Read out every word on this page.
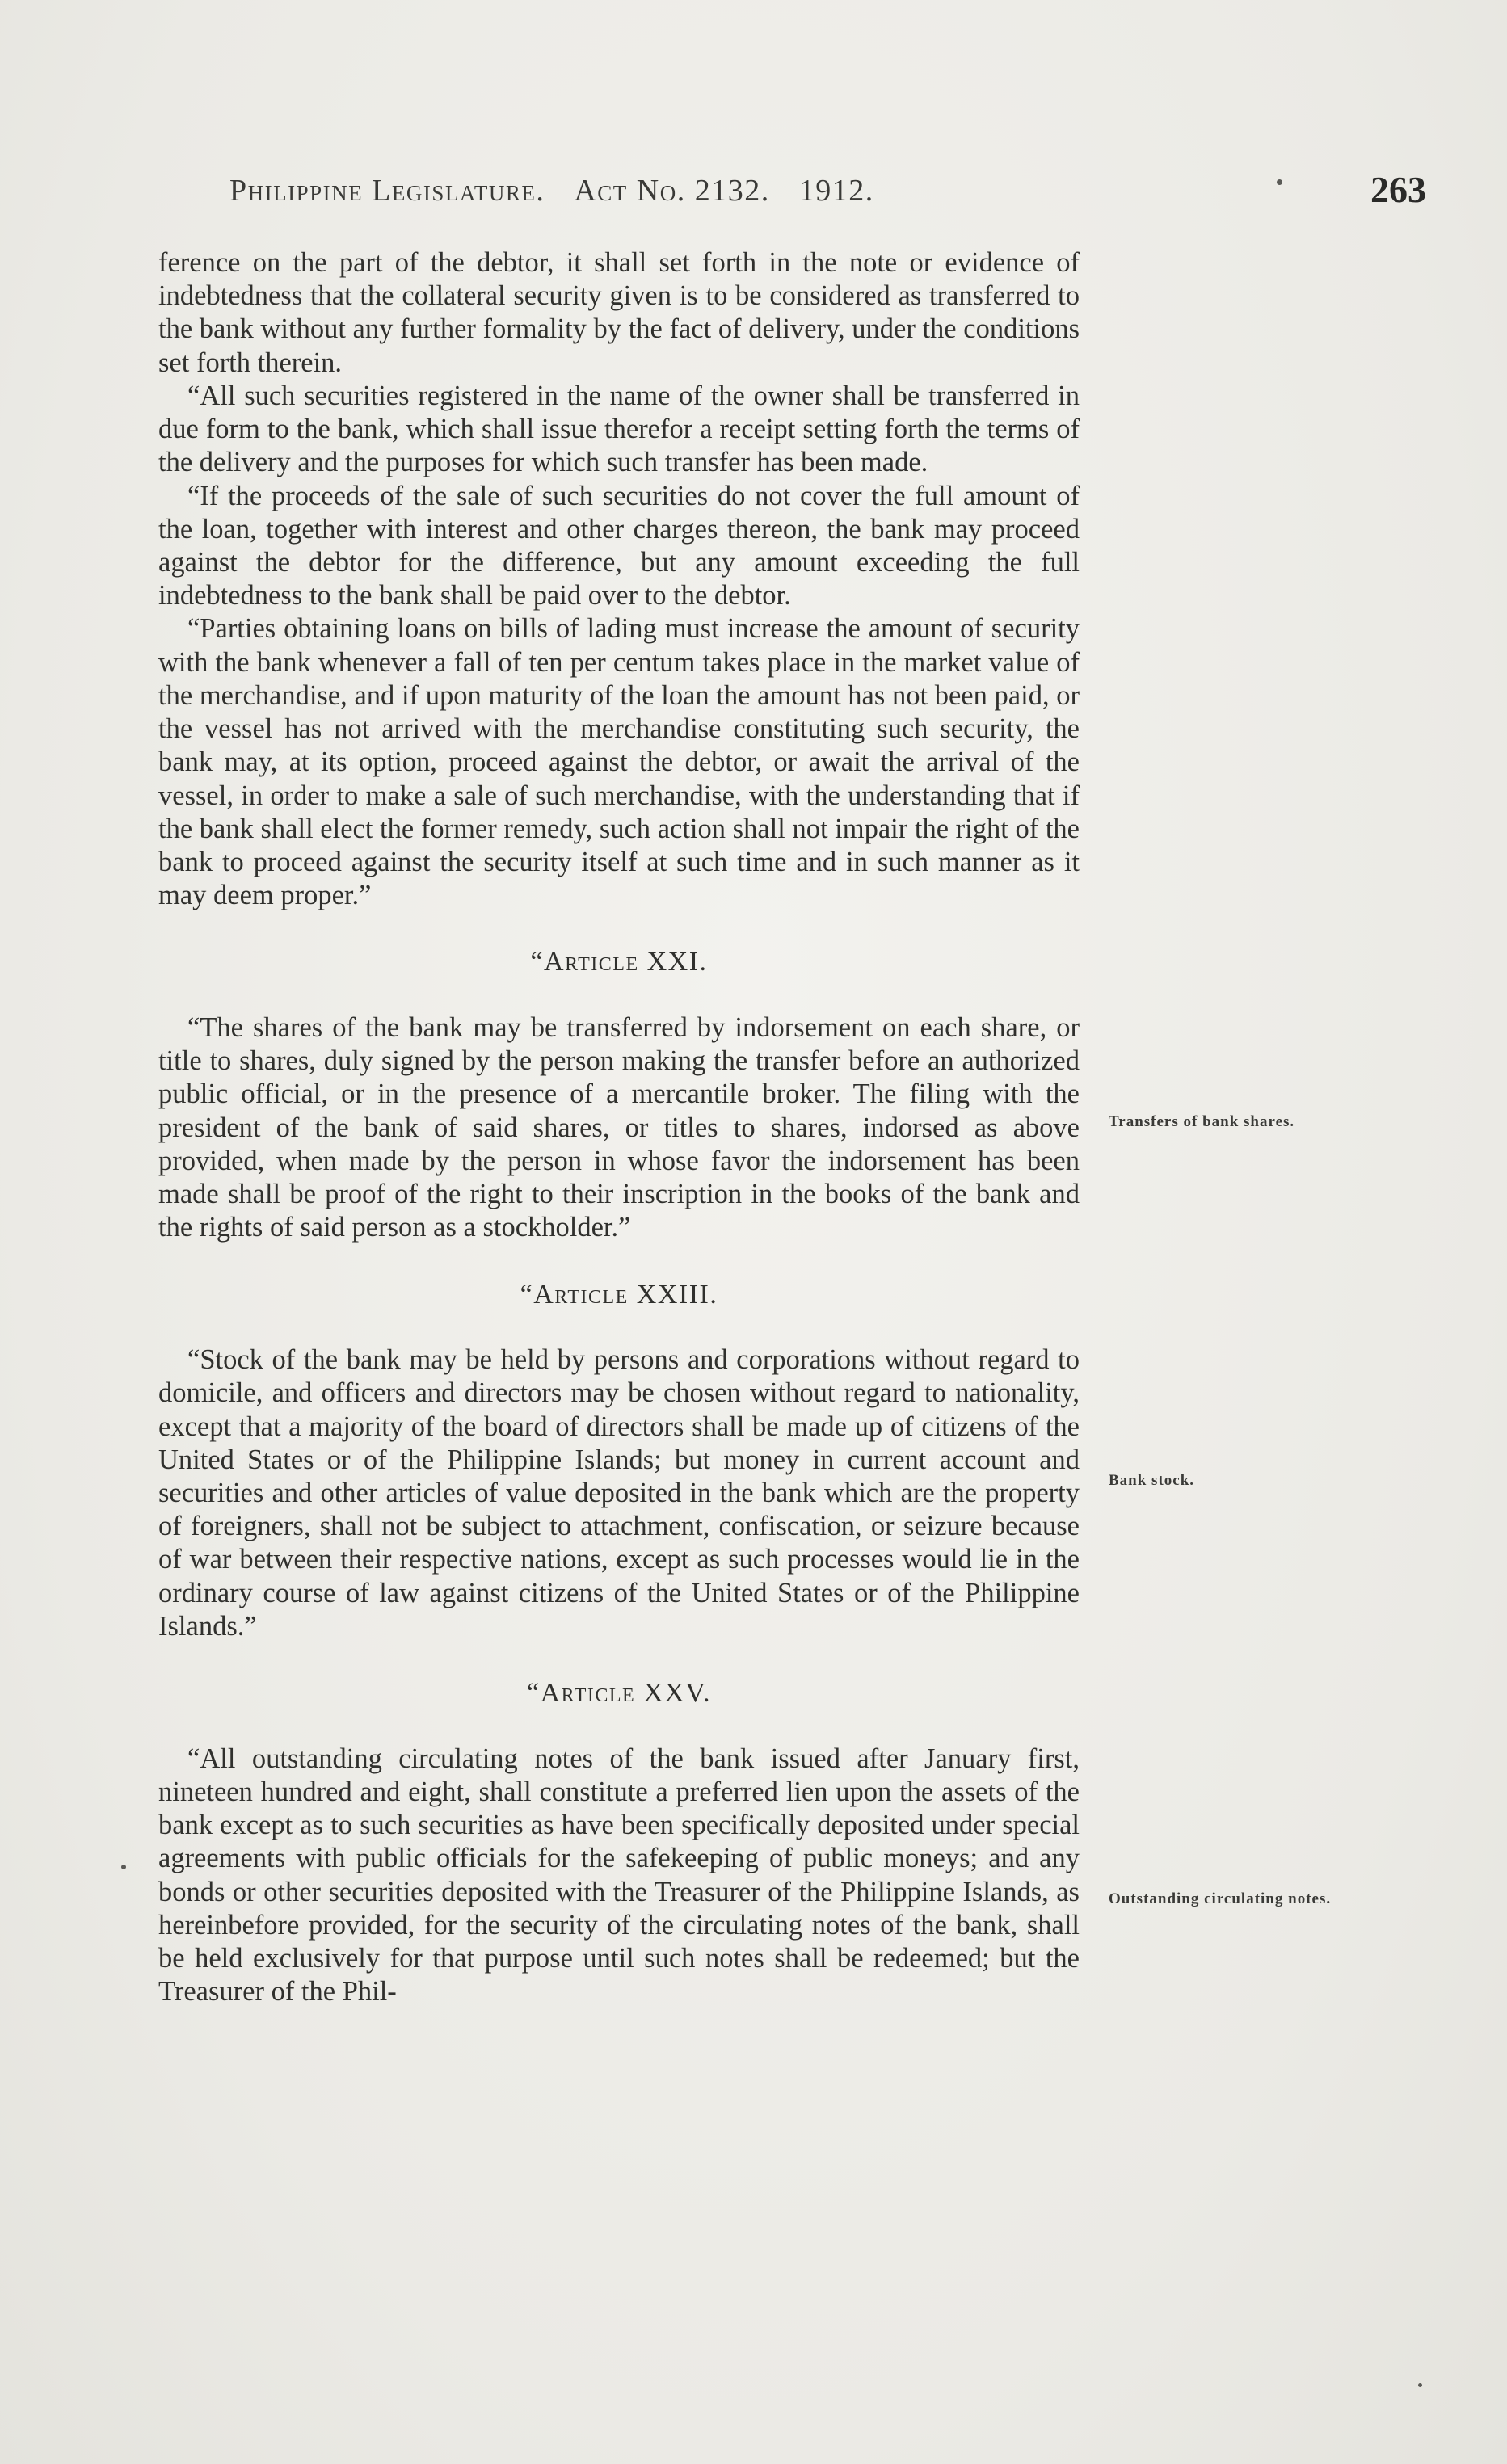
Philippine Legislature. Act No. 2132. 1912.	263

ference on the part of the debtor, it shall set forth in the note or evidence of indebtedness that the collateral security given is to be considered as transferred to the bank without any further formality by the fact of delivery, under the conditions set forth therein.

“All such securities registered in the name of the owner shall be transferred in due form to the bank, which shall issue therefor a receipt setting forth the terms of the delivery and the purposes for which such transfer has been made.

“If the proceeds of the sale of such securities do not cover the full amount of the loan, together with interest and other charges thereon, the bank may proceed against the debtor for the difference, but any amount exceeding the full indebtedness to the bank shall be paid over to the debtor.

“Parties obtaining loans on bills of lading must increase the amount of security with the bank whenever a fall of ten per centum takes place in the market value of the merchandise, and if upon maturity of the loan the amount has not been paid, or the vessel has not arrived with the merchandise constituting such security, the bank may, at its option, proceed against the debtor, or await the arrival of the vessel, in order to make a sale of such merchandise, with the understanding that if the bank shall elect the former remedy, such action shall not impair the right of the bank to proceed against the security itself at such time and in such manner as it may deem proper.”

“Article XXI.

“The shares of the bank may be transferred by indorsement on each share, or title to shares, duly signed by the person making the transfer before an authorized public official, or in the presence of a mercantile broker. The filing with the president of the bank of said shares, or titles to shares, indorsed as above provided, when made by the person in whose favor the indorsement has been made shall be proof of the right to their inscription in the books of the bank and the rights of said person as a stockholder.”

“Article XXIII.

“Stock of the bank may be held by persons and corporations without regard to domicile, and officers and directors may be chosen without regard to nationality, except that a majority of the board of directors shall be made up of citizens of the United States or of the Philippine Islands; but money in current account and securities and other articles of value deposited in the bank which are the property of foreigners, shall not be subject to attachment, confiscation, or seizure because of war between their respective nations, except as such processes would lie in the ordinary course of law against citizens of the United States or of the Philippine Islands.”

“Article XXV.

“All outstanding circulating notes of the bank issued after January first, nineteen hundred and eight, shall constitute a preferred lien upon the assets of the bank except as to such securities as have been specifically deposited under special agreements with public officials for the safekeeping of public moneys; and any bonds or other securities deposited with the Treasurer of the Philippine Islands, as hereinbefore provided, for the security of the circulating notes of the bank, shall be held exclusively for that purpose until such notes shall be redeemed; but the Treasurer of the Phil-

Transfers of bank shares.
Bank stock.
Outstanding circulating notes.
